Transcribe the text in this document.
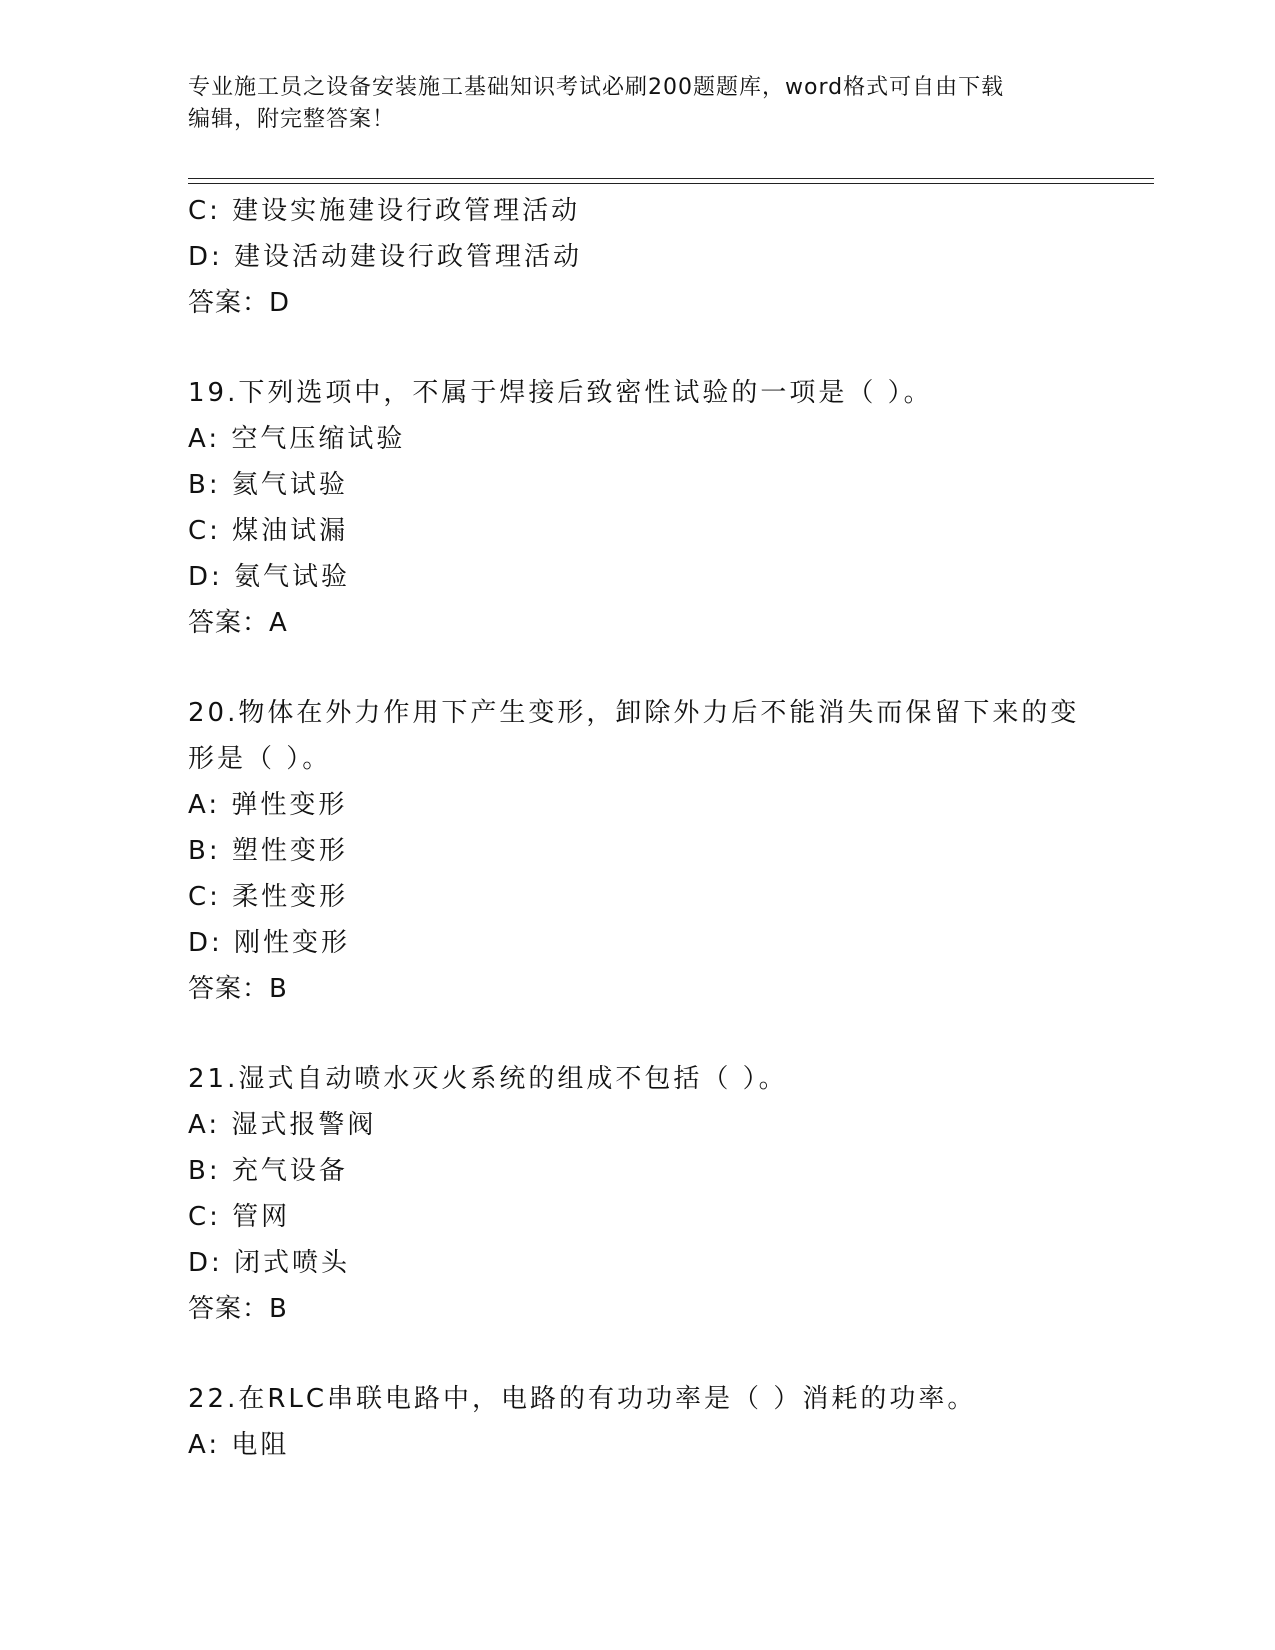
专业施工员之设备安装施工基础知识考试必刷200题题库，word格式可自由下载
编辑，附完整答案！
C: 建设实施建设行政管理活动
D: 建设活动建设行政管理活动
答案：D
19.下列选项中，不属于焊接后致密性试验的一项是（ ）。
A: 空气压缩试验
B: 氦气试验
C: 煤油试漏
D: 氨气试验
答案：A
20.物体在外力作用下产生变形，卸除外力后不能消失而保留下来的变
形是（ ）。
A: 弹性变形
B: 塑性变形
C: 柔性变形
D: 刚性变形
答案：B
21.湿式自动喷水灭火系统的组成不包括（ ）。
A: 湿式报警阀
B: 充气设备
C: 管网
D: 闭式喷头
答案：B
22.在RLC串联电路中，电路的有功功率是（ ）消耗的功率。
A: 电阻
